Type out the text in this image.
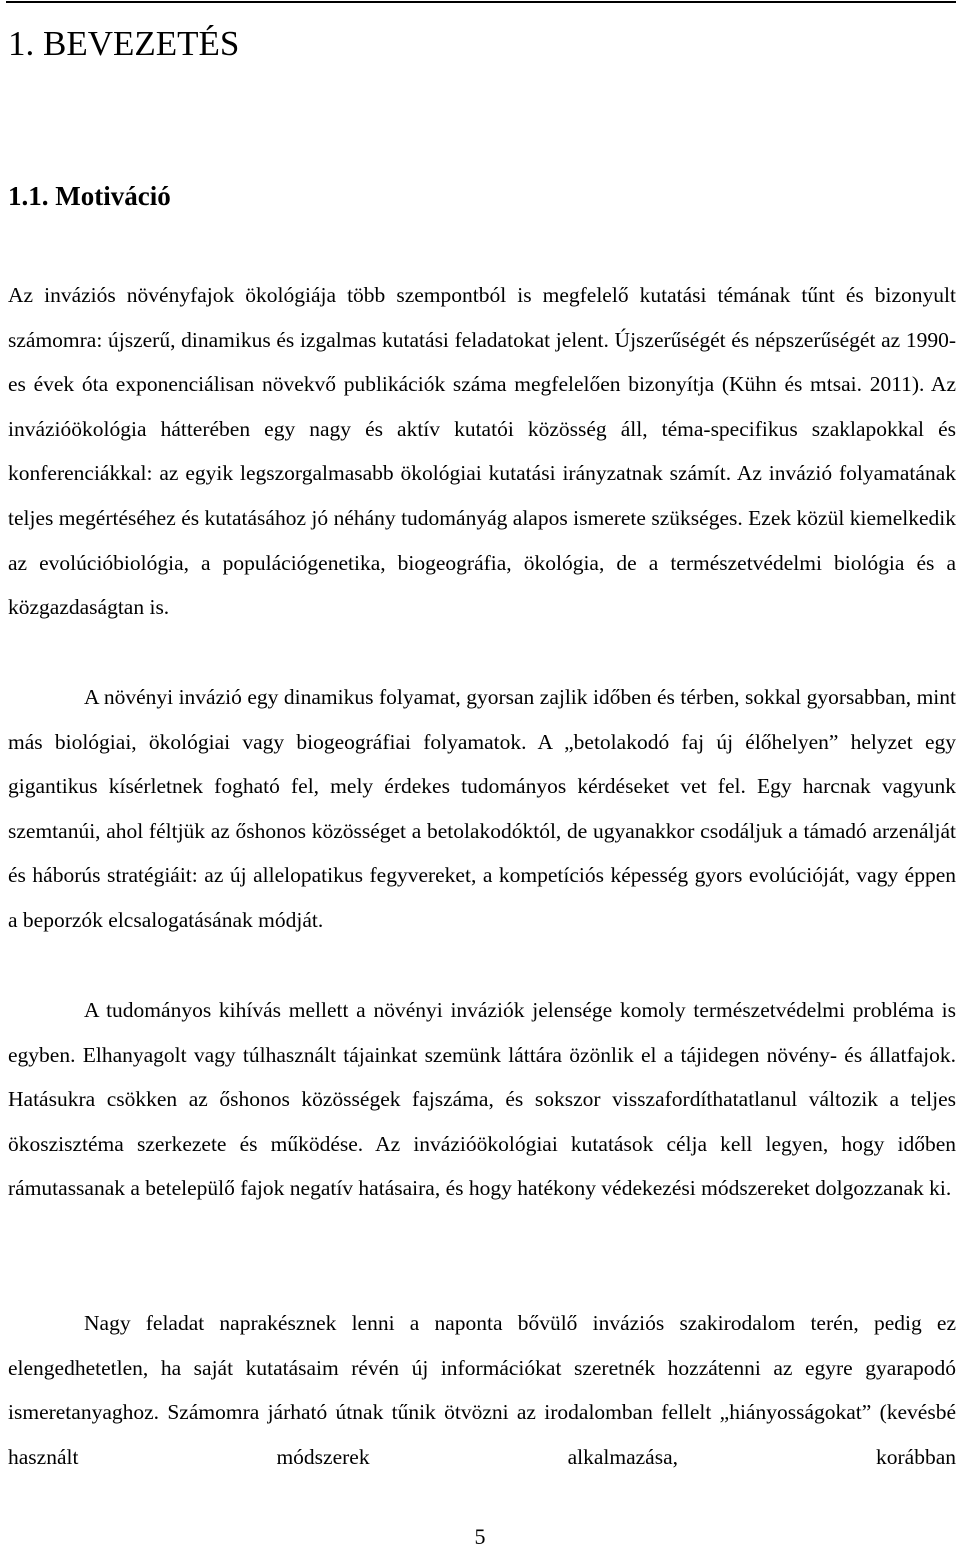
1. BEVEZETÉS
1.1. Motiváció

Az inváziós növényfajok ökológiája több szempontból is megfelelő kutatási témának tűnt és bizonyult számomra: újszerű, dinamikus és izgalmas kutatási feladatokat jelent. Újszerűségét és népszerűségét az 1990-es évek óta exponenciálisan növekvő publikációk száma megfelelően bizonyítja (Kühn és mtsai. 2011). Az invázióökológia hátterében egy nagy és aktív kutatói közösség áll, téma-specifikus szaklapokkal és konferenciákkal: az egyik legszorgalmasabb ökológiai kutatási irányzatnak számít. Az invázió folyamatának teljes megértéséhez és kutatásához jó néhány tudományág alapos ismerete szükséges. Ezek közül kiemelkedik az evolúcióbiológia, a populációgenetika, biogeográfia, ökológia, de a természetvédelmi biológia és a közgazdaságtan is.

A növényi invázió egy dinamikus folyamat, gyorsan zajlik időben és térben, sokkal gyorsabban, mint más biológiai, ökológiai vagy biogeográfiai folyamatok. A „betolakodó faj új élőhelyen” helyzet egy gigantikus kísérletnek fogható fel, mely érdekes tudományos kérdéseket vet fel. Egy harcnak vagyunk szemtanúi, ahol féltjük az őshonos közösséget a betolakodóktól, de ugyanakkor csodáljuk a támadó arzenálját és háborús stratégiáit: az új allelopatikus fegyvereket, a kompetíciós képesség gyors evolúcióját, vagy éppen a beporzók elcsalogatásának módját.

A tudományos kihívás mellett a növényi inváziók jelensége komoly természetvédelmi probléma is egyben. Elhanyagolt vagy túlhasznált tájainkat szemünk láttára özönlik el a tájidegen növény- és állatfajok. Hatásukra csökken az őshonos közösségek fajszáma, és sokszor visszafordíthatatlanul változik a teljes ökoszisztéma szerkezete és működése. Az invázióökológiai kutatások célja kell legyen, hogy időben rámutassanak a betelepülő fajok negatív hatásaira, és hogy hatékony védekezési módszereket dolgozzanak ki.

Nagy feladat naprakésznek lenni a naponta bővülő inváziós szakirodalom terén, pedig ez elengedhetetlen, ha saját kutatásaim révén új információkat szeretnék hozzátenni az egyre gyarapodó ismeretanyaghoz. Számomra járható útnak tűnik ötvözni az irodalomban fellelt „hiányosságokat” (kevésbé használt módszerek alkalmazása, korábban

5
